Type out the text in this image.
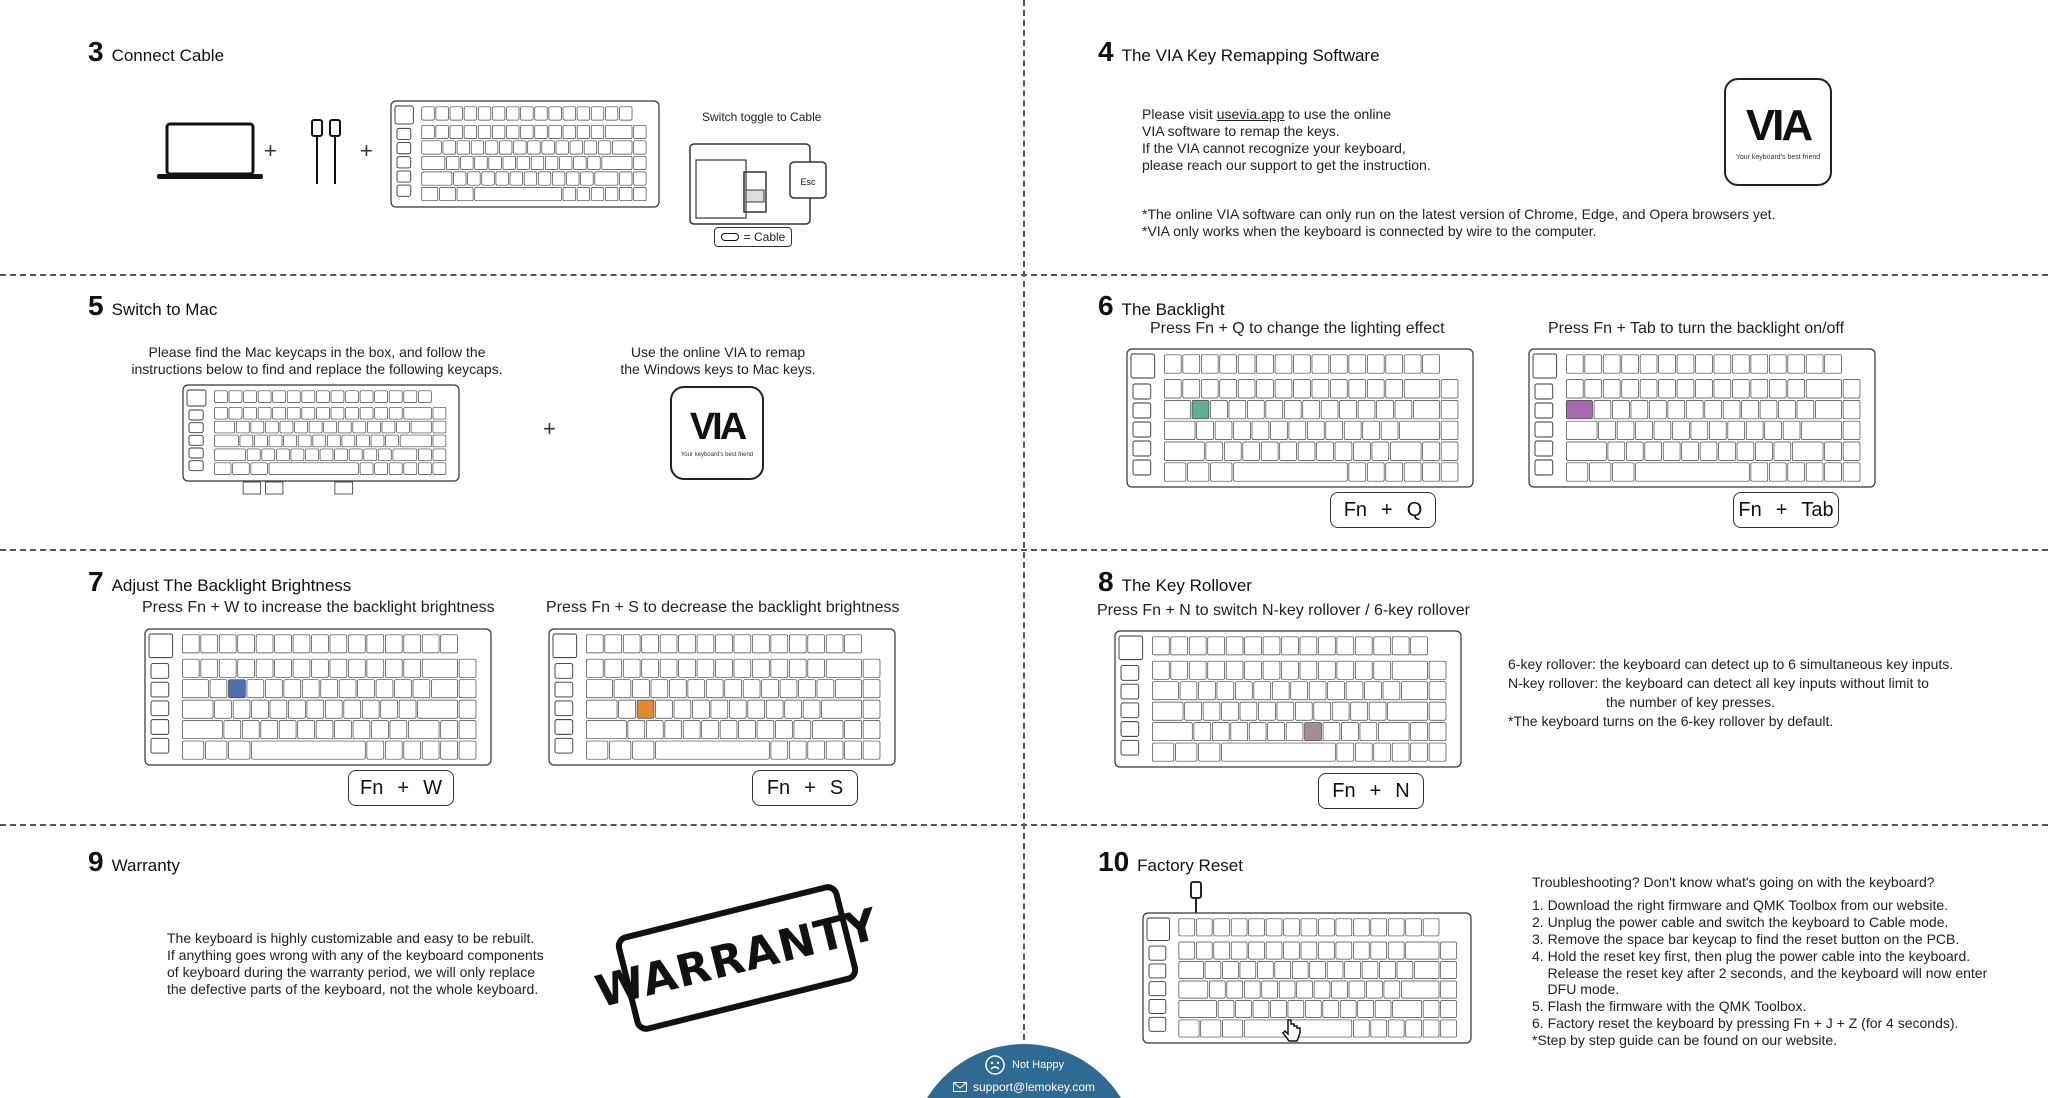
3 Connect Cable
+	+
Switch toggle to Cable
Esc
= Cable
4 The VIA Key Remapping Software
Please visit usevia.app to use the online
VIA software to remap the keys.
If the VIA cannot recognize your keyboard,
please reach our support to get the instruction.
VIA
Your keyboard's best friend
*The online VIA software can only run on the latest version of Chrome, Edge, and Opera browsers yet.
*VIA only works when the keyboard is connected by wire to the computer.
5 Switch to Mac
Please find the Mac keycaps in the box, and follow the
instructions below to find and replace the following keycaps.
Use the online VIA to remap
the Windows keys to Mac keys.
+	VIA
Your keyboard's best friend
6 The Backlight
Press Fn + Q to change the lighting effect	Press Fn + Tab to turn the backlight on/off
Fn + Q	Fn + Tab
7 Adjust The Backlight Brightness
Press Fn + W to increase the backlight brightness	Press Fn + S to decrease the backlight brightness
Fn + W	Fn + S
8 The Key Rollover
Press Fn + N to switch N-key rollover / 6-key rollover
Fn + N
6-key rollover: the keyboard can detect up to 6 simultaneous key inputs.
N-key rollover: the keyboard can detect all key inputs without limit to
the number of key presses.
*The keyboard turns on the 6-key rollover by default.
9 Warranty
The keyboard is highly customizable and easy to be rebuilt.
If anything goes wrong with any of the keyboard components
of keyboard during the warranty period, we will only replace
the defective parts of the keyboard, not the whole keyboard. WARRANTY
10 Factory Reset
Troubleshooting? Don't know what's going on with the keyboard?
1. Download the right firmware and QMK Toolbox from our website.
2. Unplug the power cable and switch the keyboard to Cable mode.
3. Remove the space bar keycap to find the reset button on the PCB.
4. Hold the reset key first, then plug the power cable into the keyboard.
Release the reset key after 2 seconds, and the keyboard will now enter
DFU mode.
5. Flash the firmware with the QMK Toolbox.
6. Factory reset the keyboard by pressing Fn + J + Z (for 4 seconds).
*Step by step guide can be found on our website.
Not Happy
support@lemokey.com
